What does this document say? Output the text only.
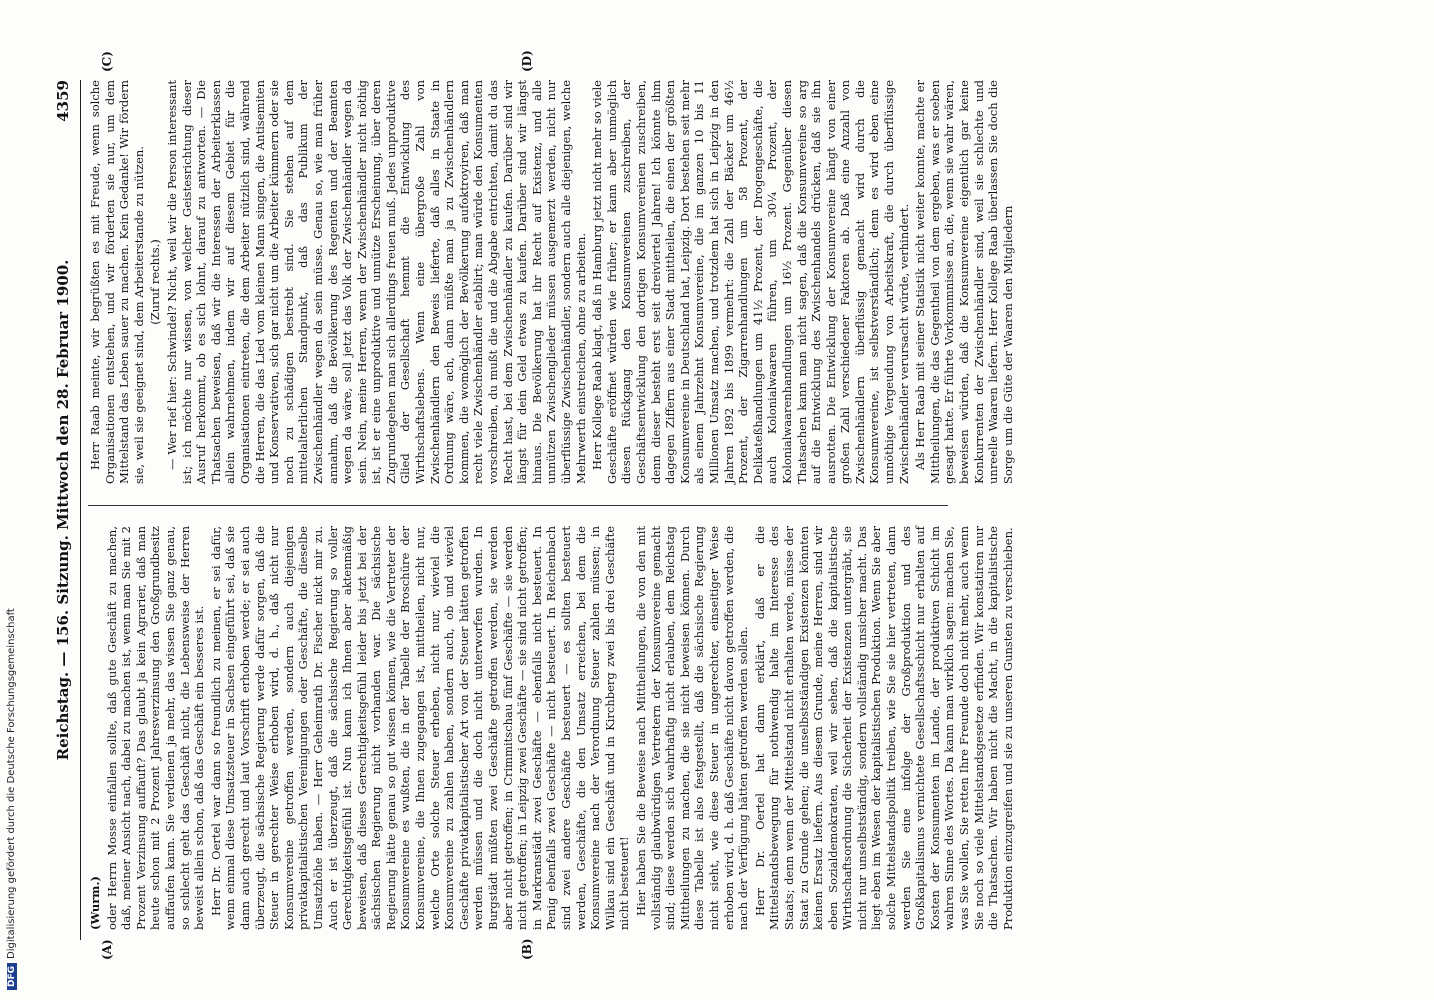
Reichstag. — 156. Sitzung. Mittwoch den 28. Februar 1900.
4359
(A)	(B)
(C)	(D)

(Wurm.) oder Herrn Mosse einfallen sollte, daß gute Geschäft zu machen, daß, meiner Ansicht nach, dabei zu machen ist, wenn man Sie mit 2 Prozent Verzinsung auffauft? Das glaubt ja kein Agrarier, daß man heute schon mit 2 Prozent Jahresverzinsung den Großgrundbesitz auffaufen kann. Sie verdienen ja mehr, das wissen Sie ganz genau, so schlecht geht das Geschäft nicht, die Lebensweise der Herren beweist allein schon, daß das Geschäft ein besseres ist. Herr Dr. Oertel war dann so freundlich zu meinen, er sei dafür, wenn einmal diese Umsatzsteuer in Sachsen eingeführt sei, daß sie dann auch gerecht und laut Vorschrift erhoben werde; er sei auch überzeugt, die sächsische Regierung werde dafür sorgen, daß die Steuer in gerechter Weise erhoben wird, d. h., daß nicht nur Konsumvereine getroffen werden, sondern auch diejenigen privatkapitalistischen Vereinigungen oder Geschäfte, die dieselbe Umsatzhöhe haben. — Herr Geheimrath Dr. Fischer nickt mir zu. Auch er ist überzeugt, daß die sächsische Regierung so voller Gerechtigkeitsgefühl ist. Nun kann ich Ihnen aber aktenmäßig beweisen, daß dieses Gerechtigkeitsgefühl leider bis jetzt bei der sächsischen Regierung nicht vorhanden war. Die sächsische Regierung hätte genau so gut wissen können, wie die Vertreter der Konsumvereine es wußten, die in der Tabelle der Broschüre der Konsumvereine, die Ihnen zugegangen ist, mittheilen, nicht nur, welche Orte solche Steuer erheben, nicht nur, wieviel die Konsumvereine zu zahlen haben, sondern auch, ob und wieviel Geschäfte privatkapitalistischer Art von der Steuer hätten getroffen werden müssen und die doch nicht unterworfen wurden. In Burgstädt müßten zwei Geschäfte getroffen werden, sie werden aber nicht getroffen; in Crimmitschau fünf Geschäfte — sie werden nicht getroffen; in Leipzig zwei Geschäfte — sie sind nicht getroffen; in Markranstädt zwei Geschäfte — ebenfalls nicht besteuert. In Penig ebenfalls zwei Geschäfte — nicht besteuert. In Reichenbach sind zwei andere Geschäfte besteuert — es sollten besteuert werden, Geschäfte, die den Umsatz erreichen, bei dem die Konsumvereine nach der Verordnung Steuer zahlen müssen; in Wilkau sind ein Geschäft und in Kirchberg zwei bis drei Geschäfte nicht besteuert! Hier haben Sie die Beweise nach Mittheilungen, die von den mit vollständig glaubwürdigen Vertretern der Konsumvereine gemacht sind; diese werden sich wahrhaftig nicht erlauben, dem Reichstag Mittheilungen zu machen, die sie nicht beweisen können. Durch diese Tabelle ist also festgestellt, daß die sächsische Regierung nicht sieht, wie diese Steuer in ungerechter, einseitiger Weise erhoben wird, d. h. daß Geschäfte nicht davon getroffen werden, die nach der Verfügung hätten getroffen werden sollen. Herr Dr. Oertel hat dann erklärt, daß er die Mittelstandsbewegung für nothwendig halte im Interesse des Staats; denn wenn der Mittelstand nicht erhalten werde, müsse der Staat zu Grunde gehen; die unselbstständigen Existenzen könnten keinen Ersatz liefern. Aus diesem Grunde, meine Herren, sind wir eben Sozialdemokraten, weil wir sehen, daß die kapitalistische Wirthschaftsordnung die Sicherheit der Existenzen untergräbt, sie nicht nur unselbstständig, sondern vollständig unsicher macht. Das liegt eben im Wesen der kapitalistischen Produktion. Wenn Sie aber solche Mittelstandspolitik treiben, wie Sie sie hier vertreten, dann werden Sie eine infolge der Großproduktion und des Großkapitalismus vernichtete Gesellschaftsschicht nur erhalten auf Kosten der Konsumenten im Lande, der produktiven Schicht im wahren Sinne des Wortes. Da kann man wirklich sagen: machen Sie, was Sie wollen, Sie retten Ihre Freunde doch nicht mehr, auch wenn Sie noch so viele Mittelstandsgesetze erfinden. Wir konstatiren nur die Thatsachen. Wir haben nicht die Macht, in die kapitalistische Produktion einzugreifen und sie zu unseren Gunsten zu verschieben.

Herr Raab meinte, wir begrüßten es mit Freude, wenn solche Organisationen entstehen, und wir förderten sie nur, um dem Mittelstand das Leben sauer zu machen. Kein Gedanke! Wir fördern sie, weil sie geeignet sind, dem Arbeiterstande zu nützen. (Zuruf rechts.) — Wer rief hier: Schwindel? Nicht, weil wir die Person interessant ist; ich möchte nur wissen, von welcher Geistesrichtung dieser Ausruf herkommt, ob es sich lohnt, darauf zu antworten. — Die Thatsachen beweisen, daß wir die Interessen der Arbeiterklassen allein wahrnehmen, indem wir auf diesem Gebiet für die Organisationen eintreten, die dem Arbeiter nützlich sind, während die Herren, die das Lied vom kleinen Mann singen, die Antisemiten und Konservativen, sich gar nicht um die Arbeiter kümmern oder sie noch zu schädigen bestrebt sind. Sie stehen auf dem mittelalterlichen Standpunkt, daß das Publikum der Zwischenhändler wegen da sein müsse. Genau so, wie man früher annahm, daß die Bevölkerung des Regenten und der Beamten wegen da wäre, soll jetzt das Volk der Zwischenhändler wegen da sein. Nein, meine Herren, wenn der Zwischenhändler nicht nöthig ist, ist er eine unproduktive und unnütze Erscheinung, über deren Zugrundegehen man sich allerdings freuen muß. Jedes unproduktive Glied der Gesellschaft hemmt die Entwicklung des Wirthschaftslebens. Wenn eine übergroße Zahl von Zwischenhändlern den Beweis lieferte, daß alles in Staate in Ordnung wäre, ach, dann müßte man ja zu Zwischenhändlern kommen, die womöglich der Bevölkerung aufoktroyiren, daß man recht viele Zwischenhändler etablirt; man würde den Konsumenten vorschreiben, du mußt die und die Abgabe entrichten, damit du das Recht hast, bei dem Zwischenhändler zu kaufen. Darüber sind wir längst für dein Geld etwas zu kaufen. Darüber sind wir längst hinaus. Die Bevölkerung hat ihr Recht auf Existenz, und alle unnützen Zwischenglieder müssen ausgemerzt werden, nicht nur überflüssige Zwischenhändler, sondern auch alle diejenigen, welche Mehrwerth einstreichen, ohne zu arbeiten. Herr Kollege Raab klagt, daß in Hamburg jetzt nicht mehr so viele Geschäfte eröffnet würden wie früher; er kann aber unmöglich diesen Rückgang den Konsumvereinen zuschreiben, der Geschäftsentwicklung den dortigen Konsumvereinen zuschreiben, denn dieser besteht erst seit dreiviertel Jahren! Ich könnte ihm dagegen Ziffern aus einer Stadt mittheilen, die einen der größten Konsumvereine in Deutschland hat, Leipzig. Dort bestehen seit mehr als einem Jahrzehnt Konsumvereine, die im ganzen 10 bis 11 Millionen Umsatz machen, und trotzdem hat sich in Leipzig in den Jahren 1892 bis 1899 vermehrt: die Zahl der Bäcker um 46½ Prozent, der Zigarrenhandlungen um 58 Prozent, der Delikateßhandlungen um 41½ Prozent, der Drogengeschäfte, die auch Kolonialwaaren führen, um 30¼ Prozent, der Kolonialwaarenhandlungen um 16½ Prozent. Gegenüber diesen Thatsachen kann man nicht sagen, daß die Konsumvereine so arg auf die Entwicklung des Zwischenhandels drücken, daß sie ihn ausrotten. Die Entwicklung der Konsumvereine hängt von einer großen Zahl verschiedener Faktoren ab. Daß eine Anzahl von Zwischenhändlern überflüssig gemacht wird durch die Konsumvereine, ist selbstverständlich; denn es wird eben eine unnöthige Vergeudung von Arbeitskraft, die durch überflüssige Zwischenhändler verursacht würde, verhindert. Als Herr Raab mit seiner Statistik nicht weiter konnte, machte er Mittheilungen, die das Gegentheil von dem ergeben, was er soeben gesagt hatte. Er führte Vorkommnisse an, die, wenn sie wahr wären, beweisen würden, daß die Konsumvereine eigentlich gar keine Konkurrenten der Zwischenhändler sind, weil sie schlechte und unreelle Waaren liefern. Herr Kollege Raab überlassen Sie doch die Sorge um die Güte der Waaren den Mitgliedern

DFGDigitalisierung gefördert durch die Deutsche Forschungsgemeinschaft
